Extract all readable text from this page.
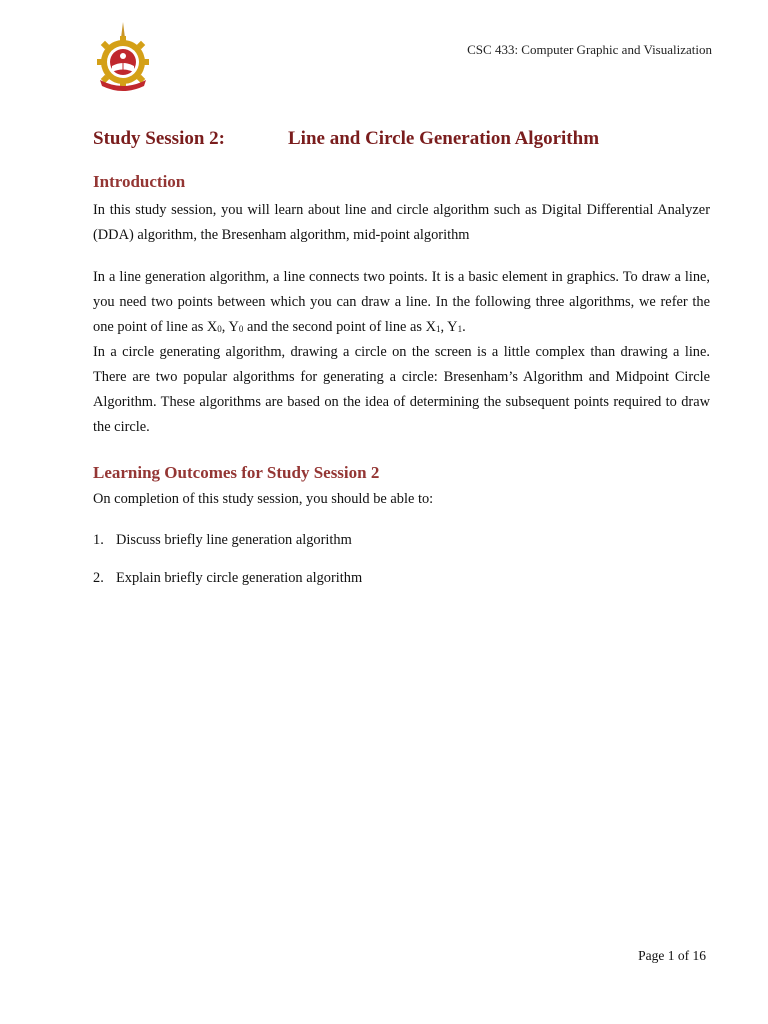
CSC 433: Computer Graphic and Visualization
Study Session 2:	Line and Circle Generation Algorithm
Introduction

In this study session, you will learn about line and circle algorithm such as Digital Differential Analyzer (DDA) algorithm, the Bresenham algorithm, mid-point algorithm

In a line generation algorithm, a line connects two points. It is a basic element in graphics. To draw a line, you need two points between which you can draw a line. In the following three algorithms, we refer the one point of line as $X_0$, $Y_0$ and the second point of line as $X_1$, $Y_1$.

In a circle generating algorithm, drawing a circle on the screen is a little complex than drawing a line. There are two popular algorithms for generating a circle: Bresenham’s Algorithm and Midpoint Circle Algorithm. These algorithms are based on the idea of determining the subsequent points required to draw the circle.

Learning Outcomes for Study Session 2
On completion of this study session, you should be able to:
1. Discuss briefly line generation algorithm
2. Explain briefly circle generation algorithm
Page 1 of 16
